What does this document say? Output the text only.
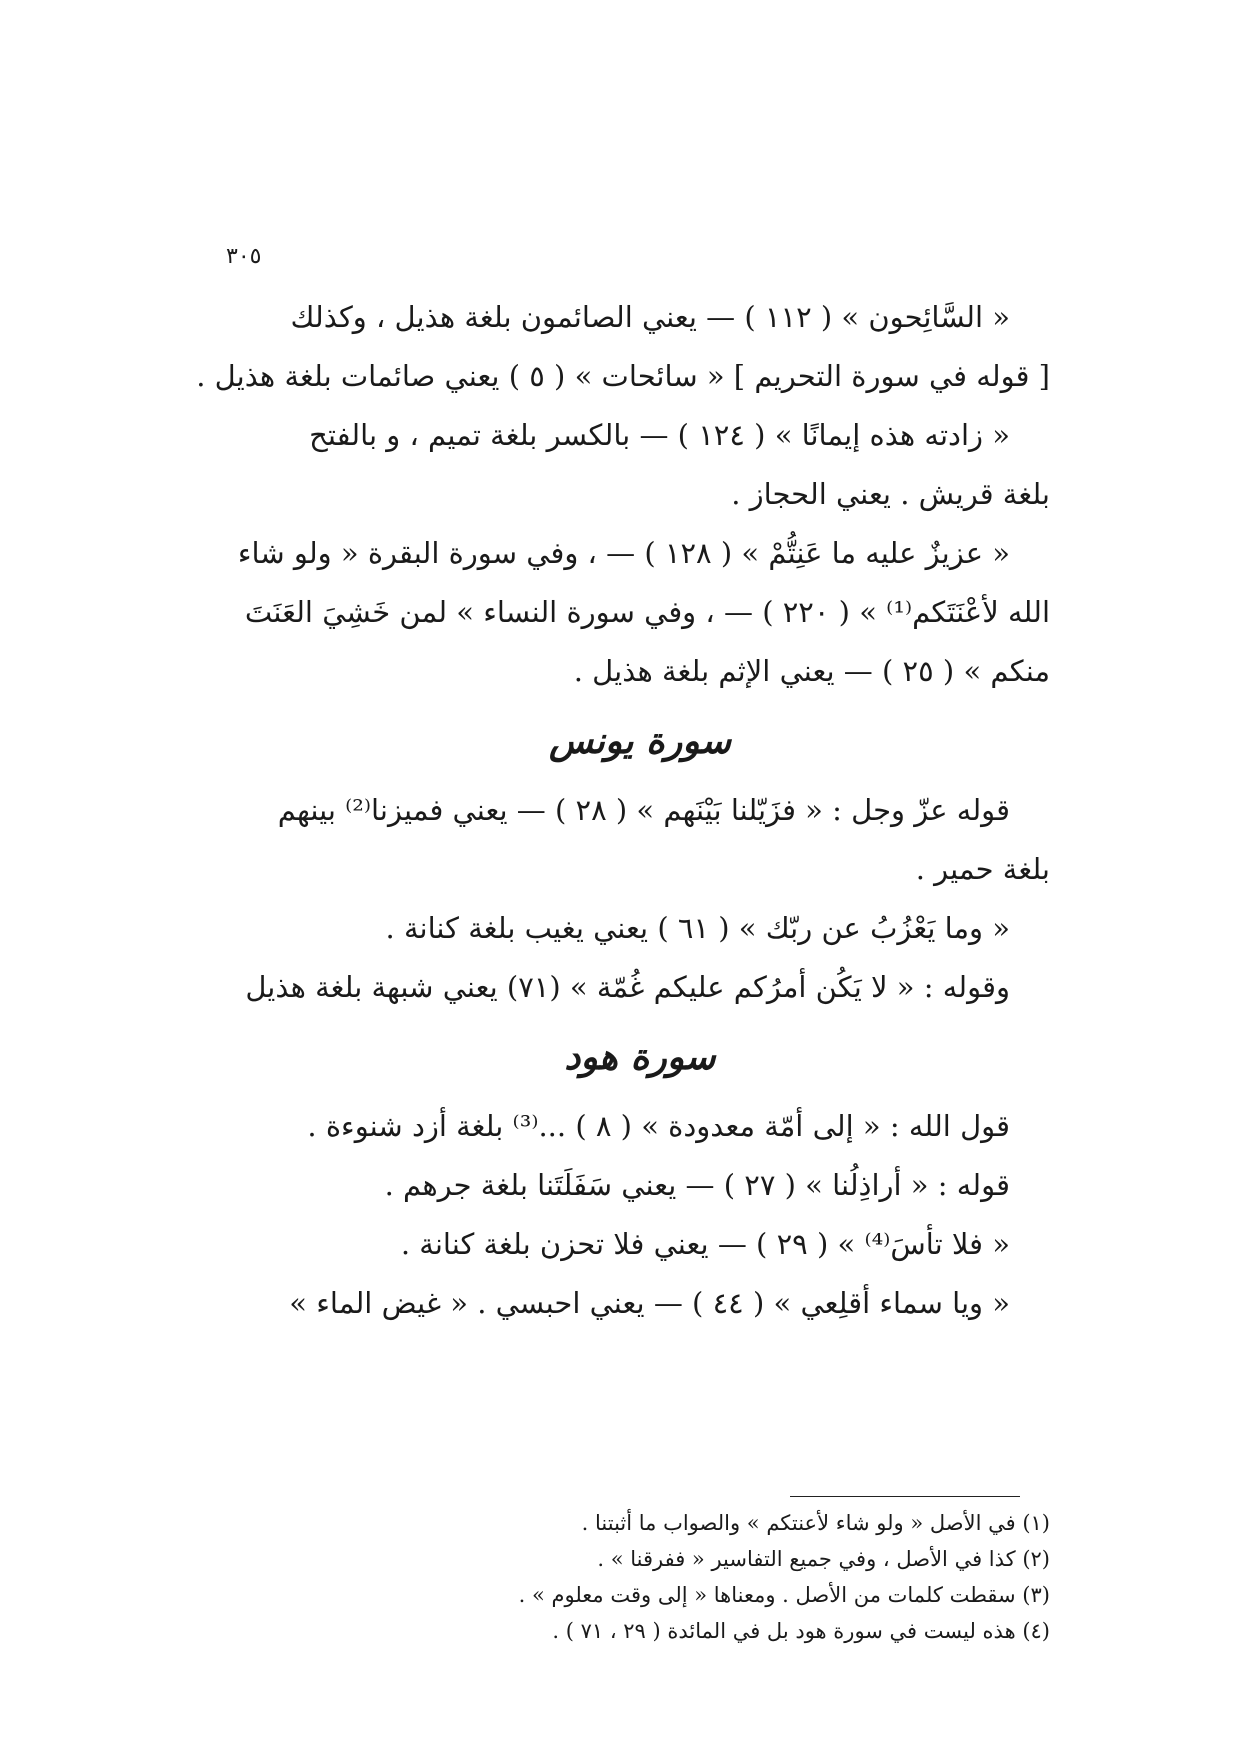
٣٠٥
« السَّائِحون » ( ١١٢ ) — يعني الصائمون بلغة هذيل ، وكذلك
[ قوله في سورة التحريم ] « سائحات » ( ٥ ) يعني صائمات بلغة هذيل .
« زادته هذه إيمانًا » ( ١٢٤ ) — بالكسر بلغة تميم ، و بالفتح
بلغة قريش . يعني الحجاز .
« عزيزٌ عليه ما عَنِتُّمْ » ( ١٢٨ ) — ، وفي سورة البقرة « ولو شاء
الله لأعْنَتَكم⁽¹⁾ » ( ٢٢٠ ) — ، وفي سورة النساء » لمن خَشِيَ العَنَتَ
منكم » ( ٢٥ ) — يعني الإثم بلغة هذيل .
سورة يونس
قوله عزّ وجل : « فزَيّلنا بَيْنَهم » ( ٢٨ ) — يعني فميزنا⁽²⁾ بينهم
بلغة حمير .
« وما يَعْزُبُ عن ربّك » ( ٦١ ) يعني يغيب بلغة كنانة .
وقوله : « لا يَكُن أمرُكم عليكم غُمّة » (٧١) يعني شبهة بلغة هذيل
سورة هود
قول الله : « إلى أمّة معدودة » ( ٨ ) ...⁽³⁾ بلغة أزد شنوءة .
قوله : « أراذِلُنا » ( ٢٧ ) — يعني سَفَلَتَنا بلغة جرهم .
« فلا تأسَ⁽⁴⁾ » ( ٢٩ ) — يعني فلا تحزن بلغة كنانة .
« ويا سماء أقلِعي » ( ٤٤ ) — يعني احبسي . « غيض الماء »
(١) في الأصل « ولو شاء لأعنتكم » والصواب ما أثبتنا .
(٢) كذا في الأصل ، وفي جميع التفاسير « ففرقنا » .
(٣) سقطت كلمات من الأصل . ومعناها « إلى وقت معلوم » .
(٤) هذه ليست في سورة هود بل في المائدة ( ٢٩ ، ٧١ ) .
